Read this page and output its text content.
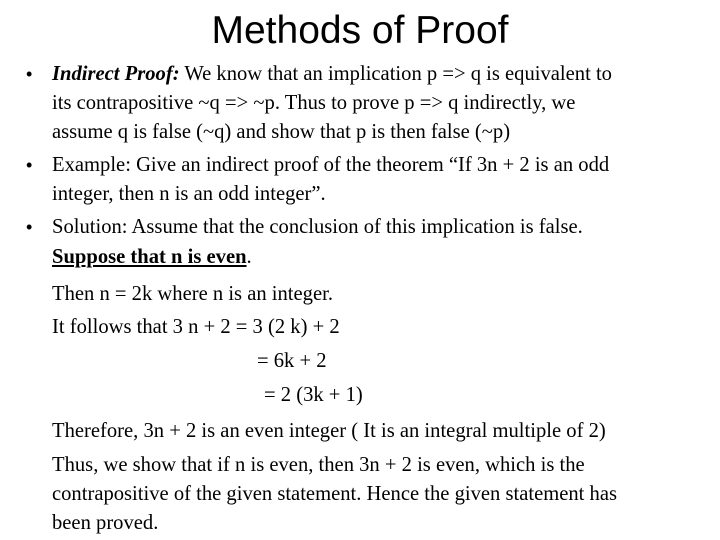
Methods of Proof
• Indirect Proof: We know that an implication p => q is equivalent to
its contrapositive ~q => ~p. Thus to prove p => q indirectly, we
assume q is false (~q) and show that p is then false (~p)
• Example: Give an indirect proof of the theorem “If 3n + 2 is an odd
integer, then n is an odd integer”.
• Solution: Assume that the conclusion of this implication is false.
Suppose that n is even.
Then n = 2k where n is an integer.
It follows that 3 n + 2 = 3 (2 k) + 2
= 6k + 2
= 2 (3k + 1)
Therefore, 3n + 2 is an even integer ( It is an integral multiple of 2)
Thus, we show that if n is even, then 3n + 2 is even, which is the
contrapositive of the given statement. Hence the given statement has
been proved.
